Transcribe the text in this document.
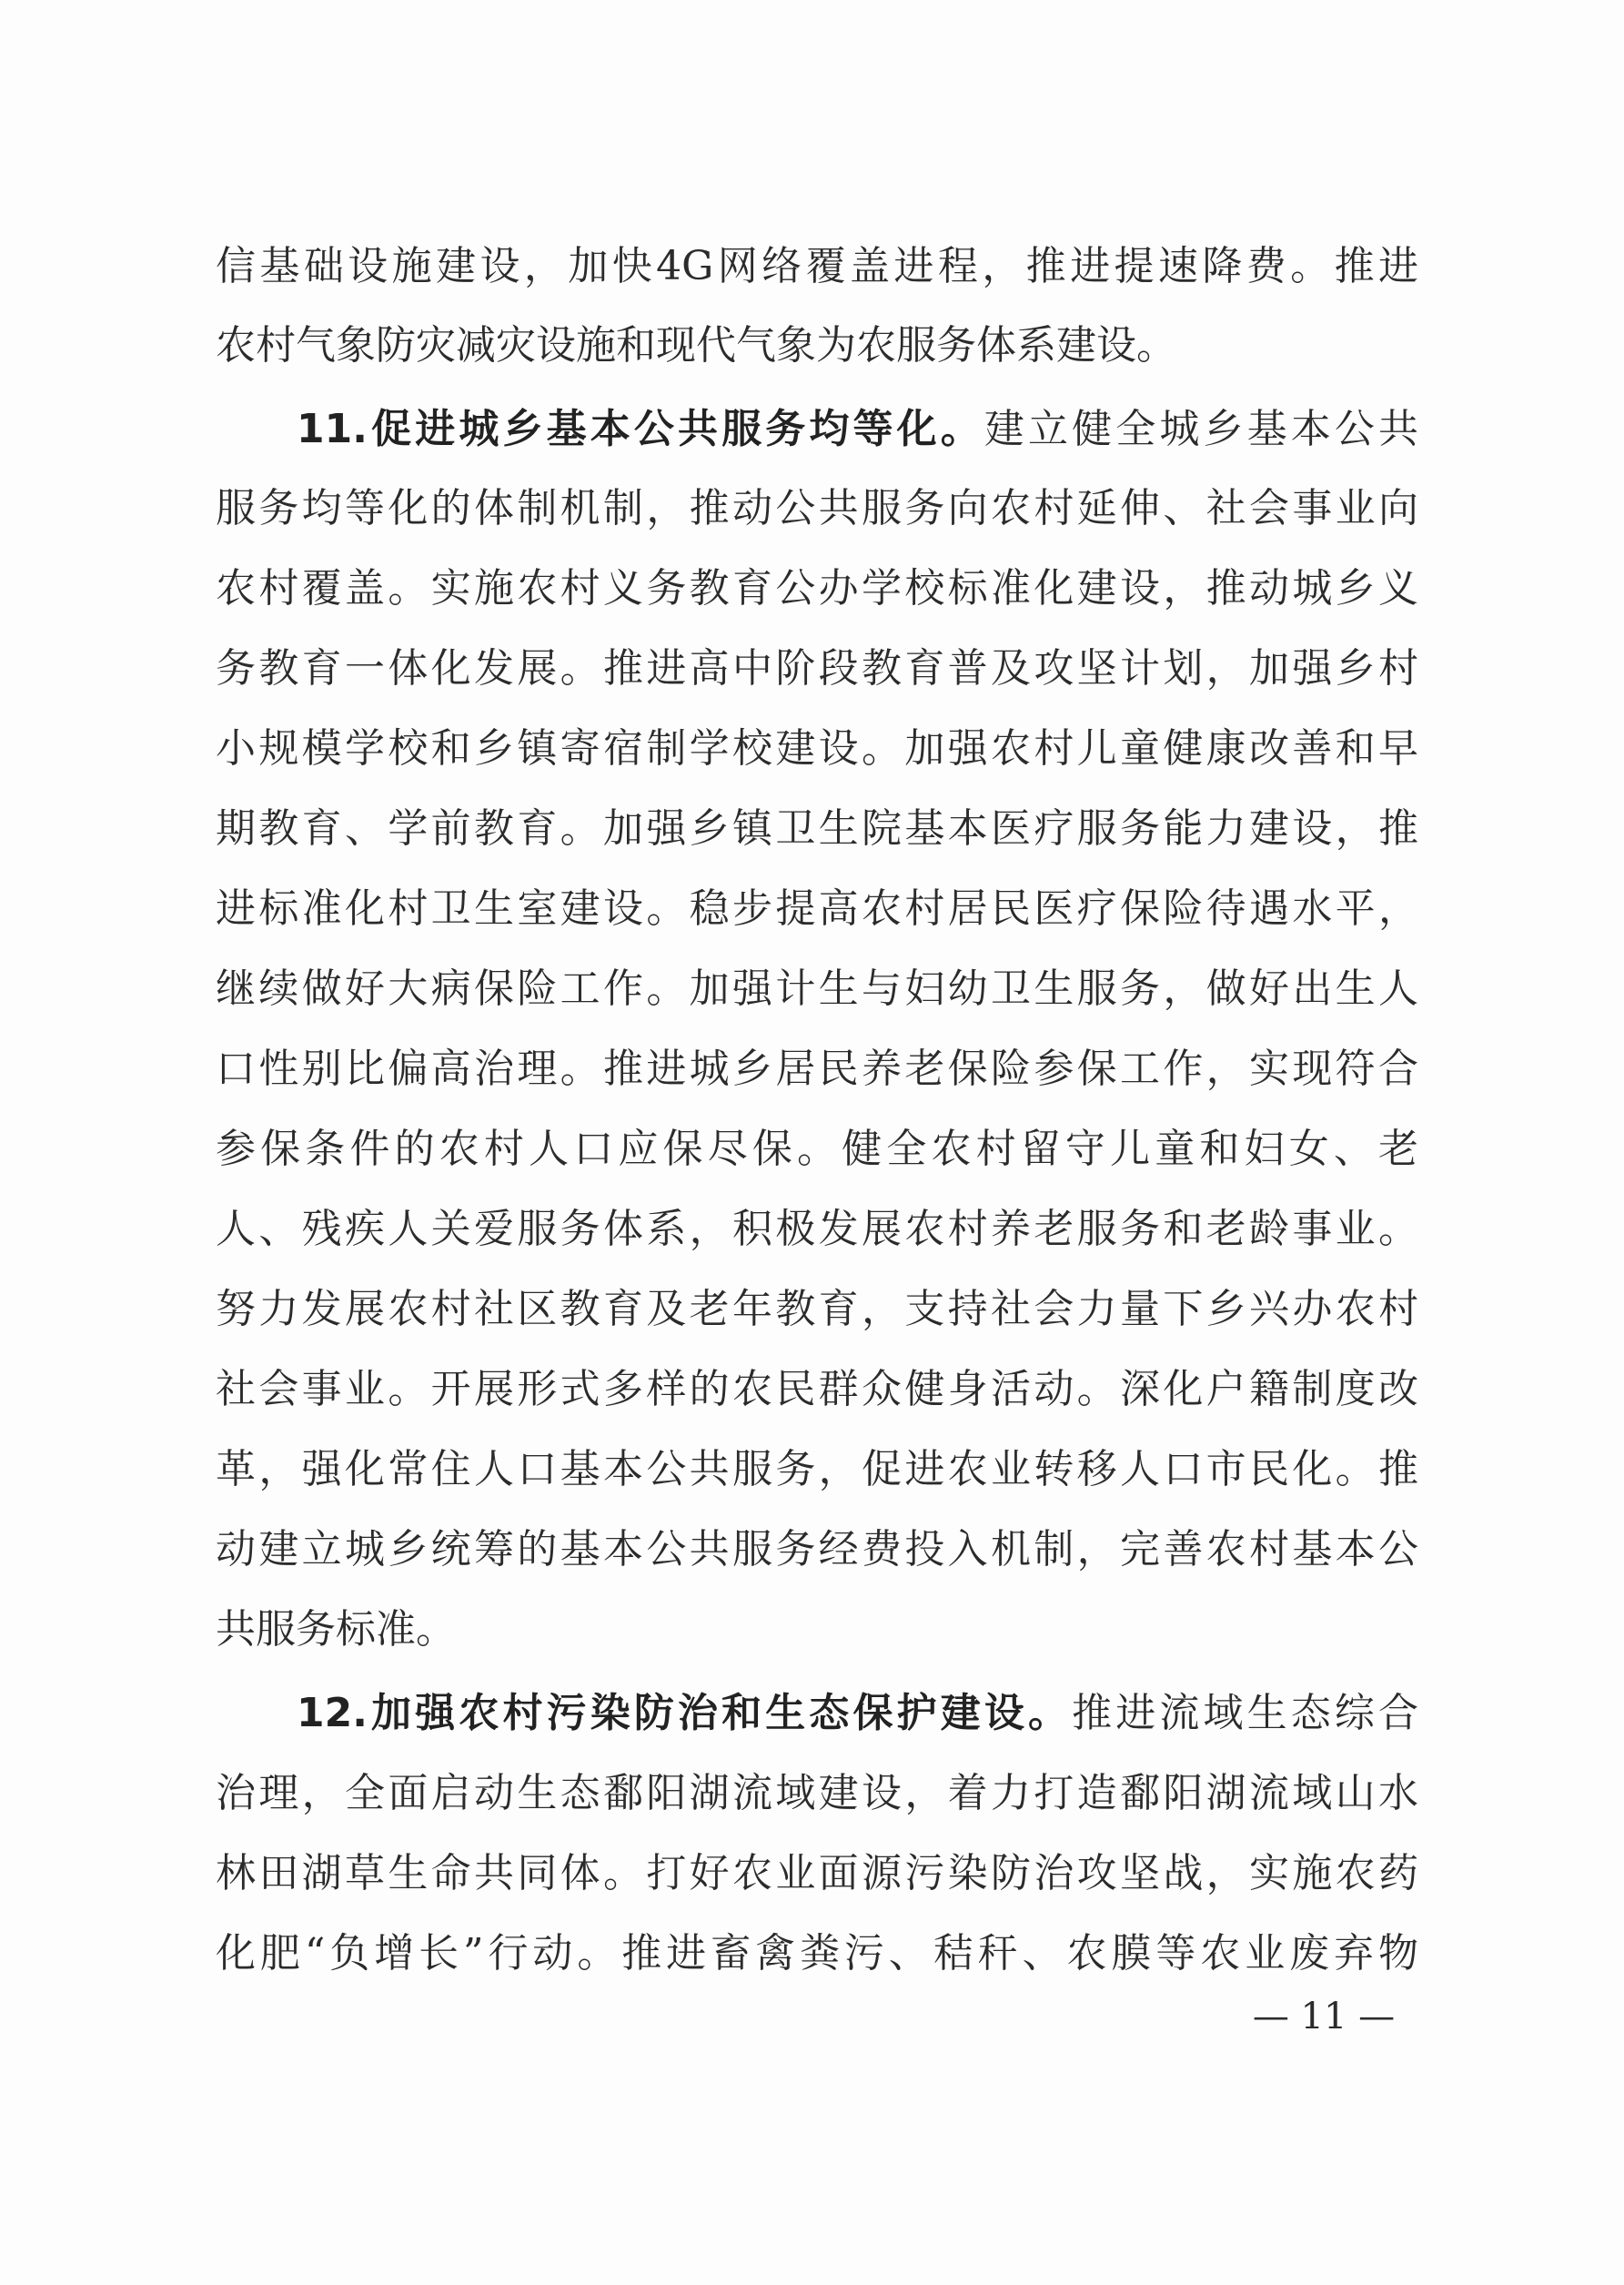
信基础设施建设，加快4G网络覆盖进程，推进提速降费。推进
农村气象防灾减灾设施和现代气象为农服务体系建设。
11.促进城乡基本公共服务均等化。建立健全城乡基本公共
服务均等化的体制机制，推动公共服务向农村延伸、社会事业向
农村覆盖。实施农村义务教育公办学校标准化建设，推动城乡义
务教育一体化发展。推进高中阶段教育普及攻坚计划，加强乡村
小规模学校和乡镇寄宿制学校建设。加强农村儿童健康改善和早
期教育、学前教育。加强乡镇卫生院基本医疗服务能力建设，推
进标准化村卫生室建设。稳步提高农村居民医疗保险待遇水平，
继续做好大病保险工作。加强计生与妇幼卫生服务，做好出生人
口性别比偏高治理。推进城乡居民养老保险参保工作，实现符合
参保条件的农村人口应保尽保。健全农村留守儿童和妇女、老
人、残疾人关爱服务体系，积极发展农村养老服务和老龄事业。
努力发展农村社区教育及老年教育，支持社会力量下乡兴办农村
社会事业。开展形式多样的农民群众健身活动。深化户籍制度改
革，强化常住人口基本公共服务，促进农业转移人口市民化。推
动建立城乡统筹的基本公共服务经费投入机制，完善农村基本公
共服务标准。
12.加强农村污染防治和生态保护建设。推进流域生态综合
治理，全面启动生态鄱阳湖流域建设，着力打造鄱阳湖流域山水
林田湖草生命共同体。打好农业面源污染防治攻坚战，实施农药
化肥“负增长”行动。推进畜禽粪污、秸秆、农膜等农业废弃物
— 11 —
